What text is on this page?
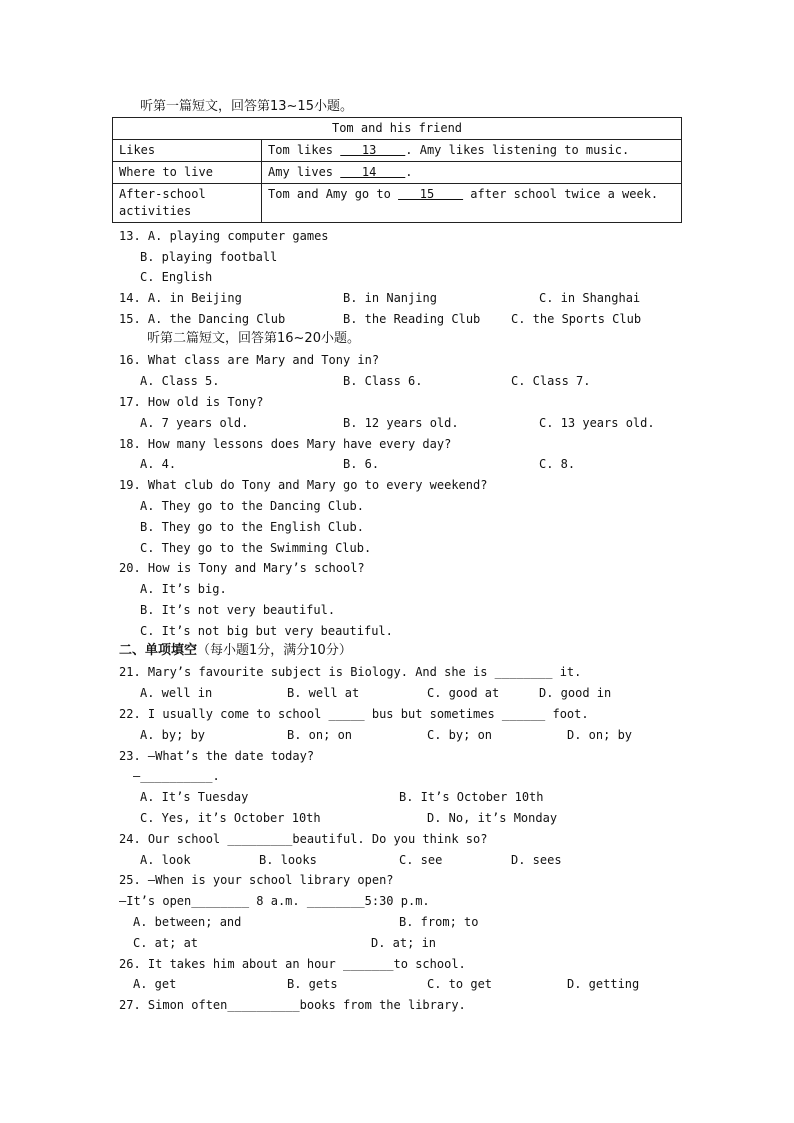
听第一篇短文，回答第13~15小题。
Tom and his friend	
Likes	Tom likes    13    . Amy likes listening to music.
Where to live	Amy lives    14    .
After-school
activities	Tom and Amy go to    15     after school twice a week.
13. A. playing computer games
B. playing football
C. English
14. A. in Beijing	B. in Nanjing	C. in Shanghai
15. A. the Dancing Club	B. the Reading Club	C. the Sports Club
听第二篇短文，回答第16~20小题。
16. What class are Mary and Tony in?
A. Class 5.	B. Class 6.	C. Class 7.
17. How old is Tony?
A. 7 years old.	B. 12 years old.	C. 13 years old.
18. How many lessons does Mary have every day?
A. 4.	B. 6.	C. 8.
19. What club do Tony and Mary go to every weekend?
A. They go to the Dancing Club.
B. They go to the English Club.
C. They go to the Swimming Club.
20. How is Tony and Mary’s school?
A. It’s big.
B. It’s not very beautiful.
C. It’s not big but very beautiful.
二、单项填空（每小题1分，满分10分）
21. Mary’s favourite subject is Biology. And she is ________ it.
A. well in	B. well at	C. good at	D. good in
22. I usually come to school _____ bus but sometimes ______ foot.
A. by; by	B. on; on	C. by; on	D. on; by
23. —What’s the date today?
—__________.
A. It’s Tuesday	B. It’s October 10th
C. Yes, it’s October 10th	D. No, it’s Monday
24. Our school _________beautiful. Do you think so?
A. look	B. looks	C. see	D. sees
25. —When is your school library open?
—It’s open________ 8 a.m. ________5:30 p.m.
A. between; and	B. from; to
C. at; at	D. at; in
26. It takes him about an hour _______to school.
A. get	B. gets	C. to get	D. getting
27. Simon often__________books from the library.
